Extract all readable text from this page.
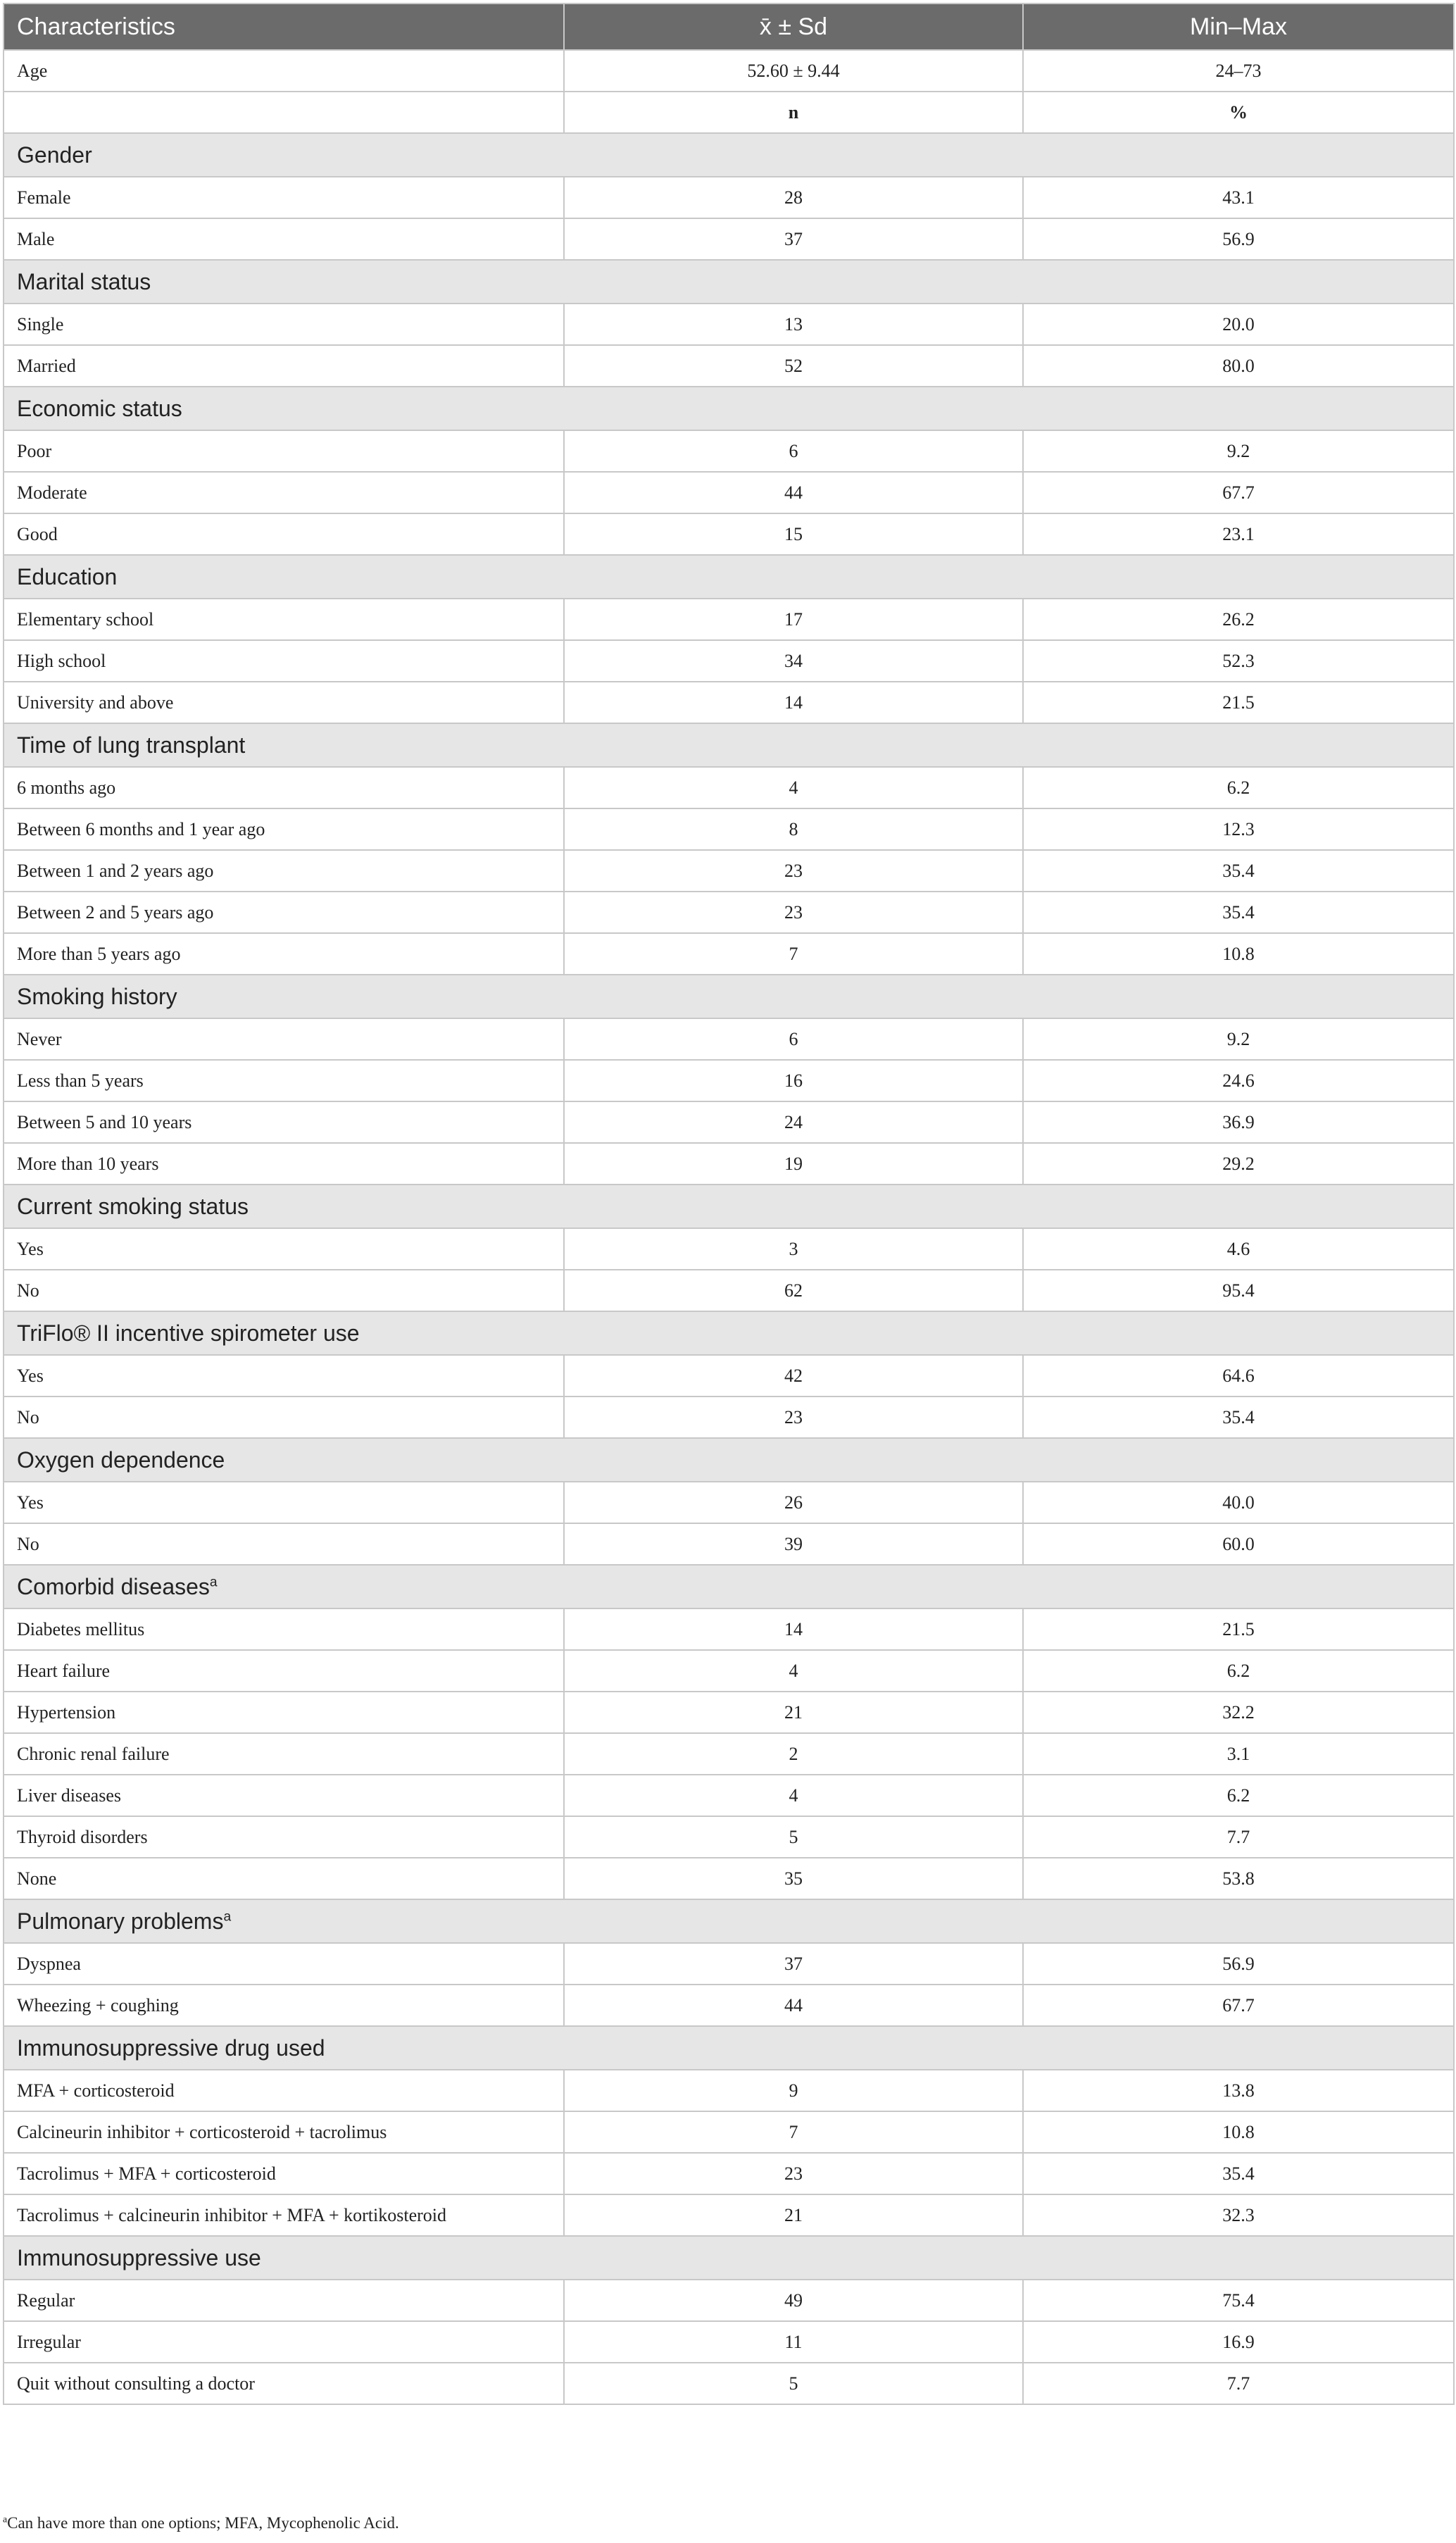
Characteristics	x̄ ± Sd	Min–Max
Age	52.60 ± 9.44	24–73
	n	%
Gender		
Female	28	43.1
Male	37	56.9
Marital status		
Single	13	20.0
Married	52	80.0
Economic status		
Poor	6	9.2
Moderate	44	67.7
Good	15	23.1
Education		
Elementary school	17	26.2
High school	34	52.3
University and above	14	21.5
Time of lung transplant		
6 months ago	4	6.2
Between 6 months and 1 year ago	8	12.3
Between 1 and 2 years ago	23	35.4
Between 2 and 5 years ago	23	35.4
More than 5 years ago	7	10.8
Smoking history		
Never	6	9.2
Less than 5 years	16	24.6
Between 5 and 10 years	24	36.9
More than 10 years	19	29.2
Current smoking status		
Yes	3	4.6
No	62	95.4
TriFlo® II incentive spirometer use		
Yes	42	64.6
No	23	35.4
Oxygen dependence		
Yes	26	40.0
No	39	60.0
Comorbid diseases$^a$
Diabetes mellitus	14	21.5
Heart failure	4	6.2
Hypertension	21	32.2
Chronic renal failure	2	3.1
Liver diseases	4	6.2
Thyroid disorders	5	7.7
None	35	53.8
Pulmonary problems$^a$
Dyspnea	37	56.9
Wheezing + coughing	44	67.7
Immunosuppressive drug used		
MFA + corticosteroid	9	13.8
Calcineurin inhibitor + corticosteroid + tacrolimus	7	10.8
Tacrolimus + MFA + corticosteroid	23	35.4
Tacrolimus + calcineurin inhibitor + MFA + kortikosteroid	21	32.3
Immunosuppressive use		
Regular	49	75.4
Irregular	11	16.9
Quit without consulting a doctor	5	7.7
$^a$Can have more than one options; MFA, Mycophenolic Acid.
